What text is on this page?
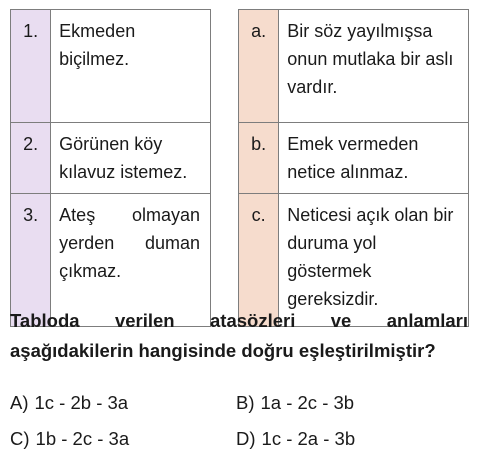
1.	Ekmeden biçilmez.

2.	Görünen köy kılavuz istemez.

3.	Ateş olmayan yerden duman çıkmaz.
a.	Bir söz yayılmışsa onun mutlaka bir aslı vardır.

b.	Emek vermeden netice alınmaz.

c.	Neticesi açık olan bir duruma yol göstermek gereksizdir.
Tabloda verilen atasözleri ve anlamları aşağıdakilerin hangisinde doğru eşleştirilmiştir?
A) 1c - 2b - 3a	B) 1a - 2c - 3b
C) 1b - 2c - 3a	D) 1c - 2a - 3b
